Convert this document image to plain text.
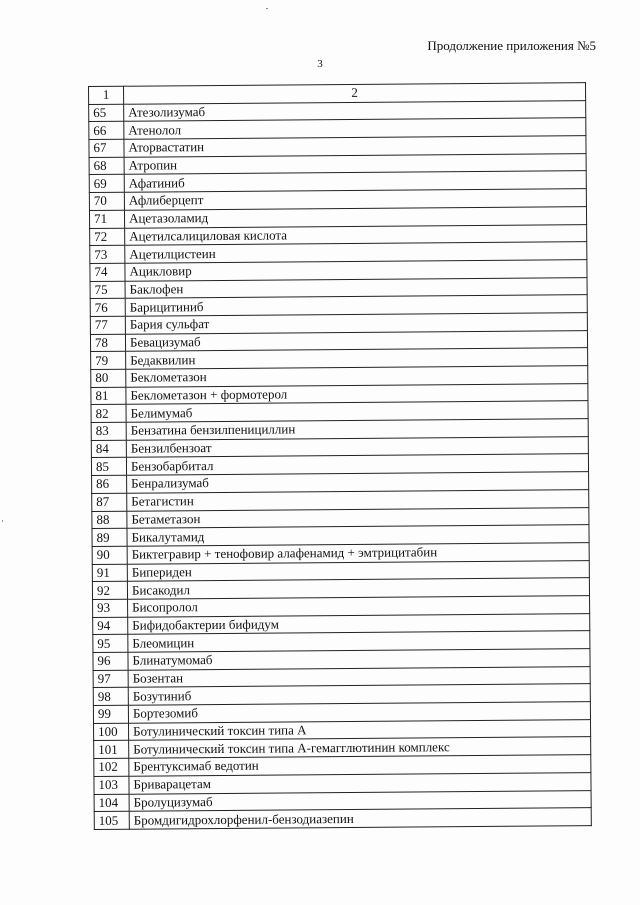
Продолжение приложения №5
3
1	2
65	Атезолизумаб
66	Атенолол
67	Аторвастатин
68	Атропин
69	Афатиниб
70	Афлиберцепт
71	Ацетазоламид
72	Ацетилсалициловая кислота
73	Ацетилцистеин
74	Ацикловир
75	Баклофен
76	Барицитиниб
77	Бария сульфат
78	Бевацизумаб
79	Бедаквилин
80	Беклометазон
81	Беклометазон + формотерол
82	Белимумаб
83	Бензатина бензилпенициллин
84	Бензилбензоат
85	Бензобарбитал
86	Бенрализумаб
87	Бетагистин
88	Бетаметазон
89	Бикалутамид
90	Биктегравир + тенофовир алафенамид + эмтрицитабин
91	Бипериден
92	Бисакодил
93	Бисопролол
94	Бифидобактерии бифидум
95	Блеомицин
96	Блинатумомаб
97	Бозентан
98	Бозутиниб
99	Бортезомиб
100	Ботулинический токсин типа А
101	Ботулинический токсин типа А-гемагглютинин комплекс
102	Брентуксимаб ведотин
103	Бриварацетам
104	Бролуцизумаб
105	Бромдигидрохлорфенил-бензодиазепин
